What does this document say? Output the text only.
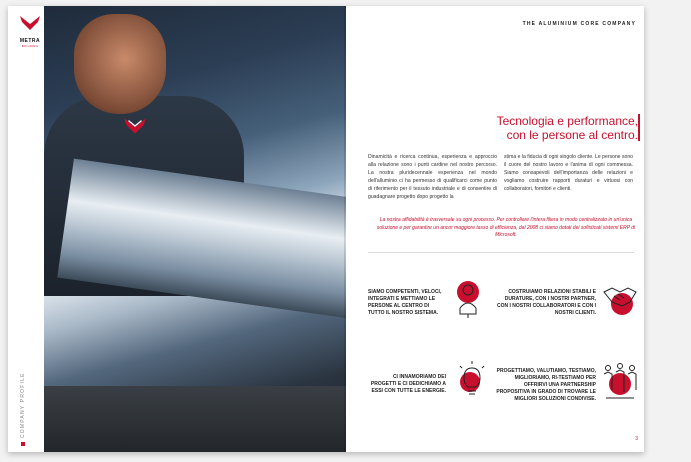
METRA
BUILDING
COMPANY PROFILE
THE ALUMINIUM CORE COMPANY
Tecnologia e performance,
con le persone al centro.
Dinamicità e ricerca continua, esperienza e approccio alla relazione sono i punti cardine nel nostro percorso. La nostra pluridecennale esperienza nel mondo dell'alluminio ci ha permesso di qualificarci come punto di riferimento per il tessuto industriale e di consentire di guadagnare progetto dopo progetto la
stima e la fiducia di ogni singolo cliente. Le persone sono il cuore del nostro lavoro e l'anima di ogni commessa. Siamo consapevoli dell'importanza delle relazioni e vogliamo costruire rapporti duraturi e virtuosi con collaboratori, fornitori e clienti.
La nostra affidabilità è trasversale su ogni processo. Per controllare l'intera filiera in modo centralizzato in un'unica soluzione e per garantire un ancor maggiore tasso di efficienza, dal 2008 ci siamo dotati dei sofisticati sistemi ERP di Microsoft.
SIAMO COMPETENTI, VELOCI, INTEGRATI E METTIAMO LE PERSONE AL CENTRO DI TUTTO IL NOSTRO SISTEMA.
COSTRUIAMO RELAZIONI STABILI E DURATURE, CON I NOSTRI PARTNER, CON I NOSTRI COLLABORATORI E CON I NOSTRI CLIENTI.
CI INNAMORIAMO DEI PROGETTI E CI DEDICHIAMO A ESSI CON TUTTE LE ENERGIE.
PROGETTIAMO, VALUTIAMO, TESTIAMO, MIGLIORIAMO, RI-TESTIAMO PER OFFRIRVI UNA PARTNERSHIP PROPOSITIVA IN GRADO DI TROVARE LE MIGLIORI SOLUZIONI CONDIVISE.
3
